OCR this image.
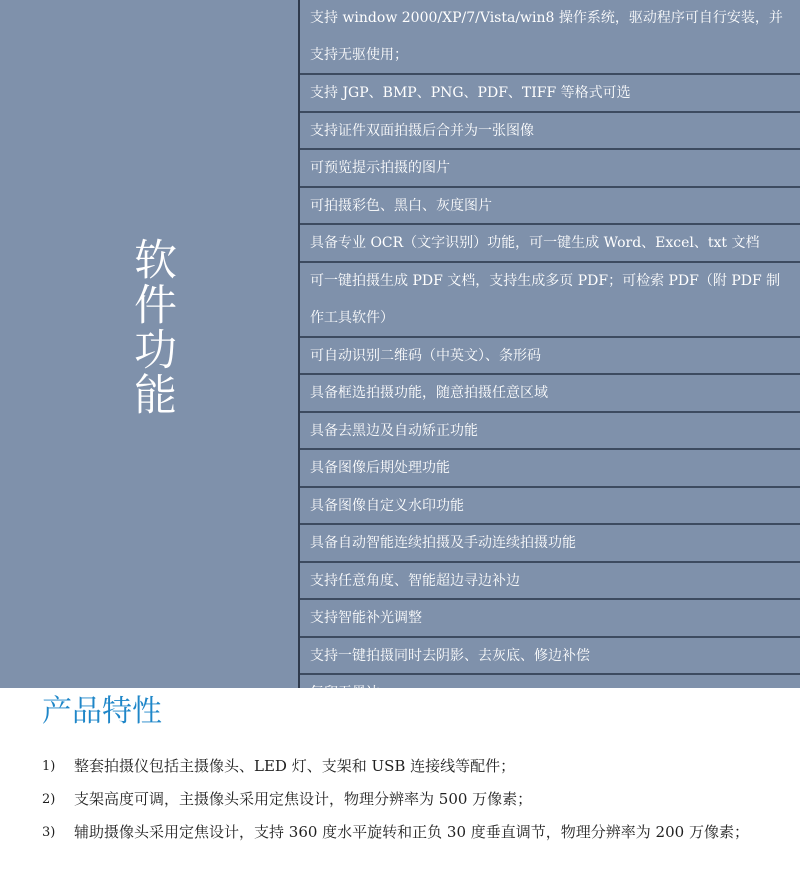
软件功能
支持 window 2000/XP/7/Vista/win8 操作系统，驱动程序可自行安装，并支持无驱使用；
支持 JGP、BMP、PNG、PDF、TIFF 等格式可选
支持证件双面拍摄后合并为一张图像
可预览提示拍摄的图片
可拍摄彩色、黑白、灰度图片
具备专业 OCR（文字识别）功能，可一键生成 Word、Excel、txt 文档
可一键拍摄生成 PDF 文档，支持生成多页 PDF；可检索 PDF（附 PDF 制作工具软件）
可自动识别二维码（中英文）、条形码
具备框选拍摄功能，随意拍摄任意区域
具备去黑边及自动矫正功能
具备图像后期处理功能
具备图像自定义水印功能
具备自动智能连续拍摄及手动连续拍摄功能
支持任意角度、智能超边寻边补边
支持智能补光调整
支持一键拍摄同时去阴影、去灰底、修边补偿
复印无黑边
产品特性
1)	整套拍摄仪包括主摄像头、LED 灯、支架和 USB 连接线等配件；
2)	支架高度可调，主摄像头采用定焦设计，物理分辨率为 500 万像素；
3)	辅助摄像头采用定焦设计，支持 360 度水平旋转和正负 30 度垂直调节，物理分辨率为 200 万像素；
